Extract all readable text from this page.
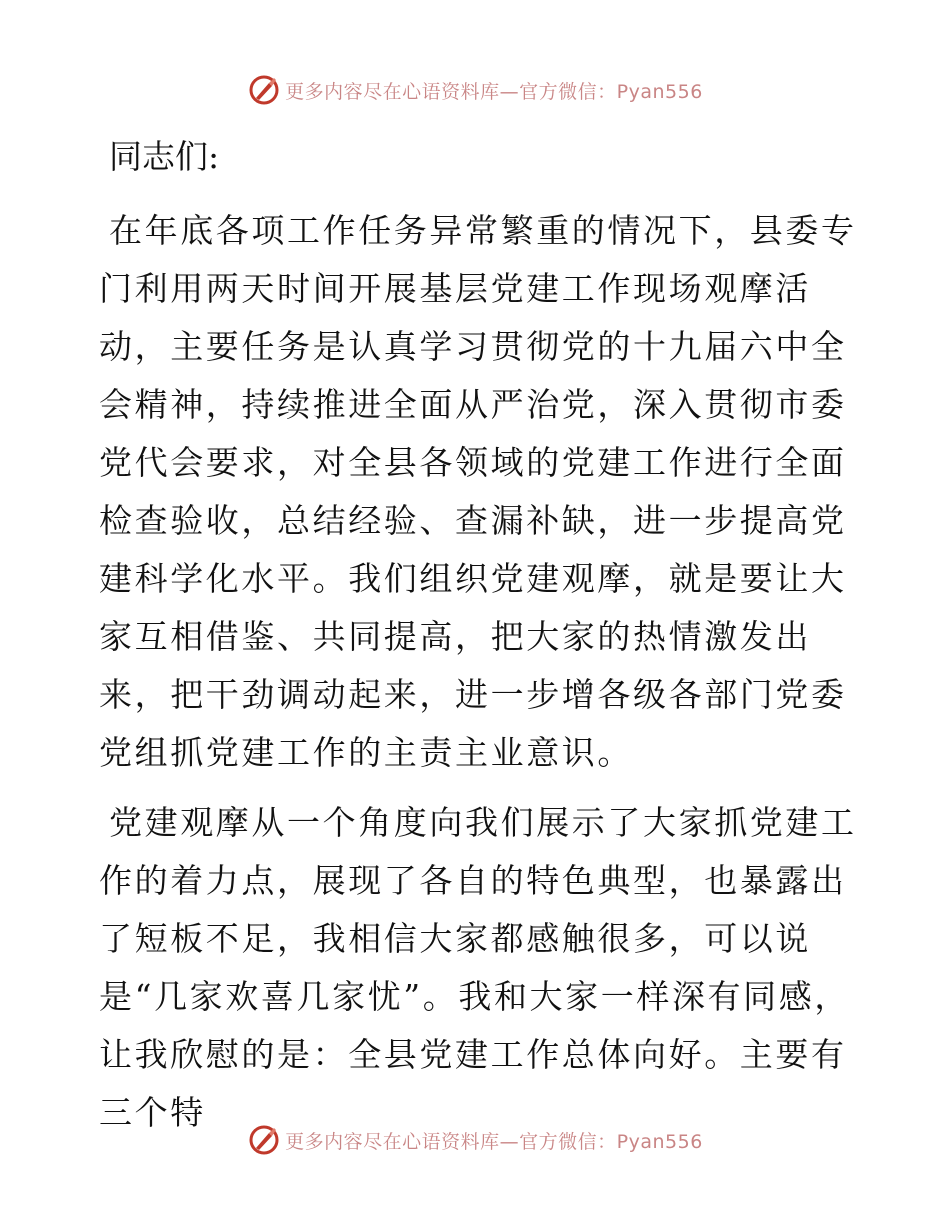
更多内容尽在心语资料库—官方微信：Pyan556
同志们:

在年底各项工作任务异常繁重的情况下，县委专门利用两天时间开展基层党建工作现场观摩活动，主要任务是认真学习贯彻党的十九届六中全会精神，持续推进全面从严治党，深入贯彻市委党代会要求，对全县各领域的党建工作进行全面检查验收，总结经验、查漏补缺，进一步提高党建科学化水平。我们组织党建观摩，就是要让大家互相借鉴、共同提高，把大家的热情激发出来，把干劲调动起来，进一步增各级各部门党委党组抓党建工作的主责主业意识。

党建观摩从一个角度向我们展示了大家抓党建工作的着力点，展现了各自的特色典型，也暴露出了短板不足，我相信大家都感触很多，可以说是“几家欢喜几家忧”。我和大家一样深有同感，让我欣慰的是：全县党建工作总体向好。主要有三个特

更多内容尽在心语资料库—官方微信：Pyan556
